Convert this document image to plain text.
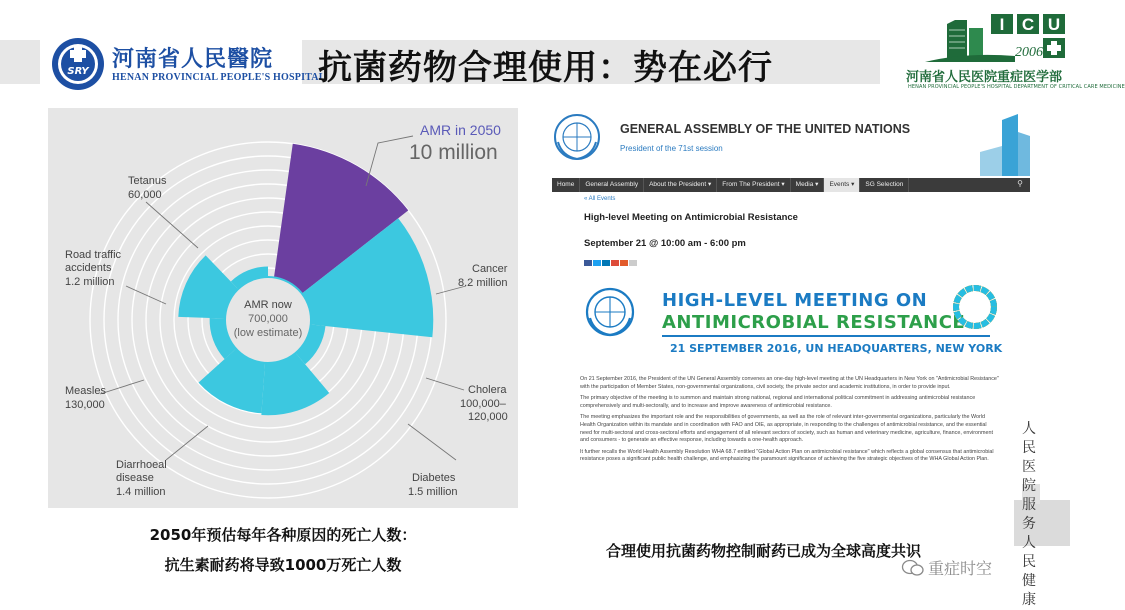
SRY 河南省人民醫院
HENAN PROVINCIAL PEOPLE'S HOSPITAL
抗菌药物合理使用：势在必行
I C U
2006
河南省人民医院重症医学部
HENAN PROVINCIAL PEOPLE'S HOSPITAL DEPARTMENT OF CRITICAL CARE MEDICINE
AMR in 2050
10 million
Cancer
8.2 million
Cholera
100,000–
120,000
Diabetes
1.5 million
Diarrhoeal
disease
1.4 million
Measles
130,000
Road traffic
accidents
1.2 million
Tetanus
60,000
AMR now
700,000
(low estimate)
2050年预估每年各种原因的死亡人数：
抗生素耐药将导致1000万死亡人数
GENERAL ASSEMBLY OF THE UNITED NATIONS
President of the 71st session
Home	General Assembly	About the President ▾	From The President ▾	Media ▾	Events ▾	SG Selection	⚲
« All Events
High-level Meeting on Antimicrobial Resistance
September 21 @ 10:00 am - 6:00 pm
HIGH-LEVEL MEETING ON
ANTIMICROBIAL RESISTANCE
21 SEPTEMBER 2016, UN HEADQUARTERS, NEW YORK

On 21 September 2016, the President of the UN General Assembly convenes an one-day high-level meeting at the UN Headquarters in New York on "Antimicrobial Resistance" with the participation of Member States, non-governmental organizations, civil society, the private sector and academic institutions, in order to provide input.

The primary objective of the meeting is to summon and maintain strong national, regional and international political commitment in addressing antimicrobial resistance comprehensively and multi-sectorally, and to increase and improve awareness of antimicrobial resistance.

The meeting emphasizes the important role and the responsibilities of governments, as well as the role of relevant inter-governmental organizations, particularly the World Health Organization within its mandate and in coordination with FAO and OIE, as appropriate, in responding to the challenges of antimicrobial resistance, and the essential need for multi-sectoral and cross-sectoral efforts and engagement of all relevant sectors of society, such as human and veterinary medicine, agriculture, finance, environment and consumers - to generate an effective response, including towards a one-health approach.

It further recalls the World Health Assembly Resolution WHA 68.7 entitled "Global Action Plan on antimicrobial resistance" which reflects a global consensus that antimicrobial resistance poses a significant public health challenge, and emphasizing the paramount significance of achieving the five strategic objectives of the WHA Global Action Plan.

合理使用抗菌药物控制耐药已成为全球高度共识
人民医院服务人民健康
重症时空
